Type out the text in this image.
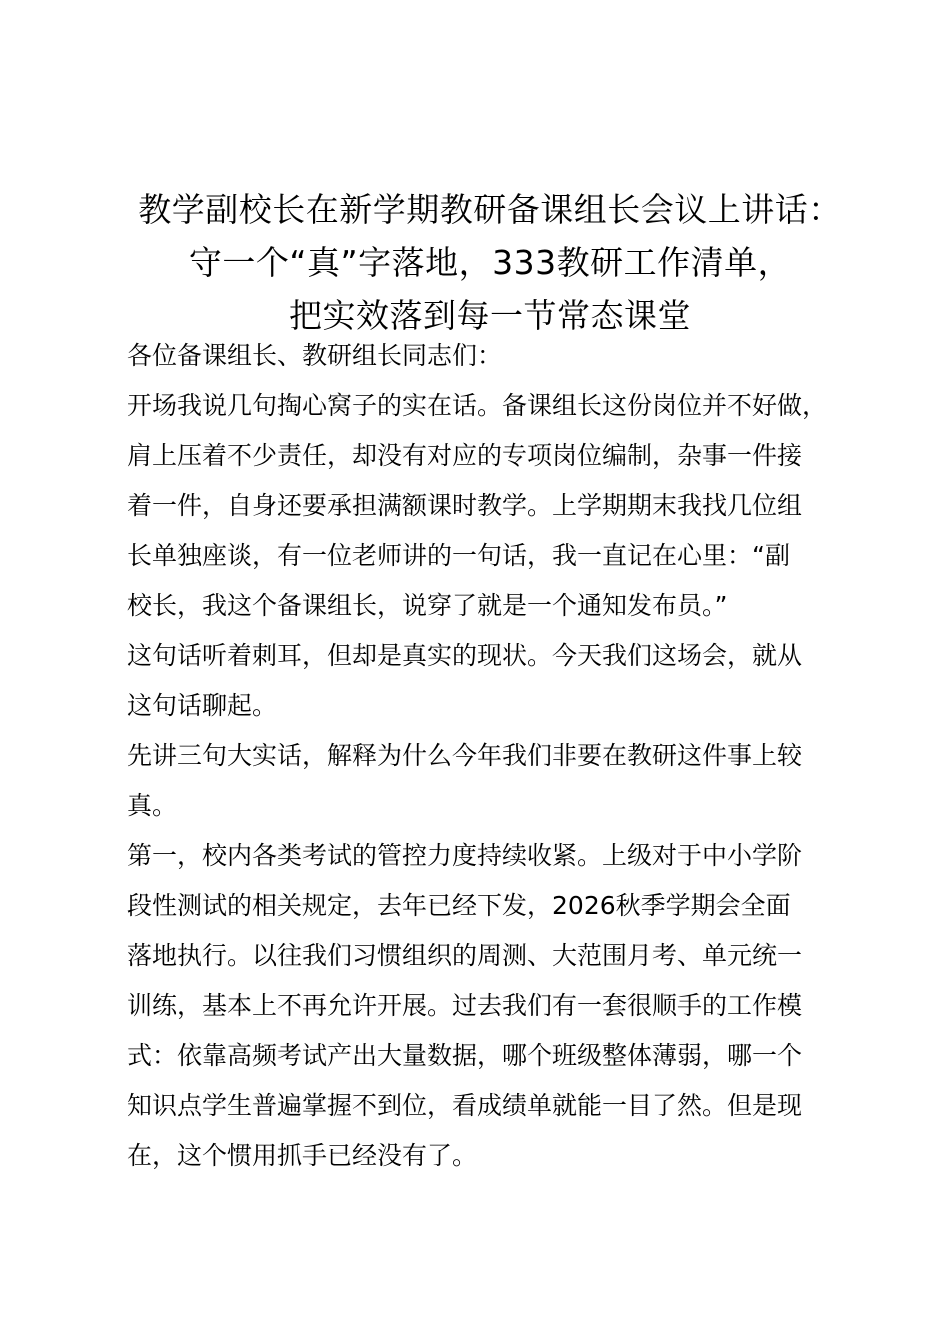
教学副校长在新学期教研备课组长会议上讲话：
守一个“真”字落地，333教研工作清单，
把实效落到每一节常态课堂
各位备课组长、教研组长同志们：
开场我说几句掏心窝子的实在话。备课组长这份岗位并不好做，
肩上压着不少责任，却没有对应的专项岗位编制，杂事一件接
着一件，自身还要承担满额课时教学。上学期期末我找几位组
长单独座谈，有一位老师讲的一句话，我一直记在心里：“副
校长，我这个备课组长，说穿了就是一个通知发布员。”
这句话听着刺耳，但却是真实的现状。今天我们这场会，就从
这句话聊起。
先讲三句大实话，解释为什么今年我们非要在教研这件事上较
真。
第一，校内各类考试的管控力度持续收紧。上级对于中小学阶
段性测试的相关规定，去年已经下发，2026秋季学期会全面
落地执行。以往我们习惯组织的周测、大范围月考、单元统一
训练，基本上不再允许开展。过去我们有一套很顺手的工作模
式：依靠高频考试产出大量数据，哪个班级整体薄弱，哪一个
知识点学生普遍掌握不到位，看成绩单就能一目了然。但是现
在，这个惯用抓手已经没有了。
